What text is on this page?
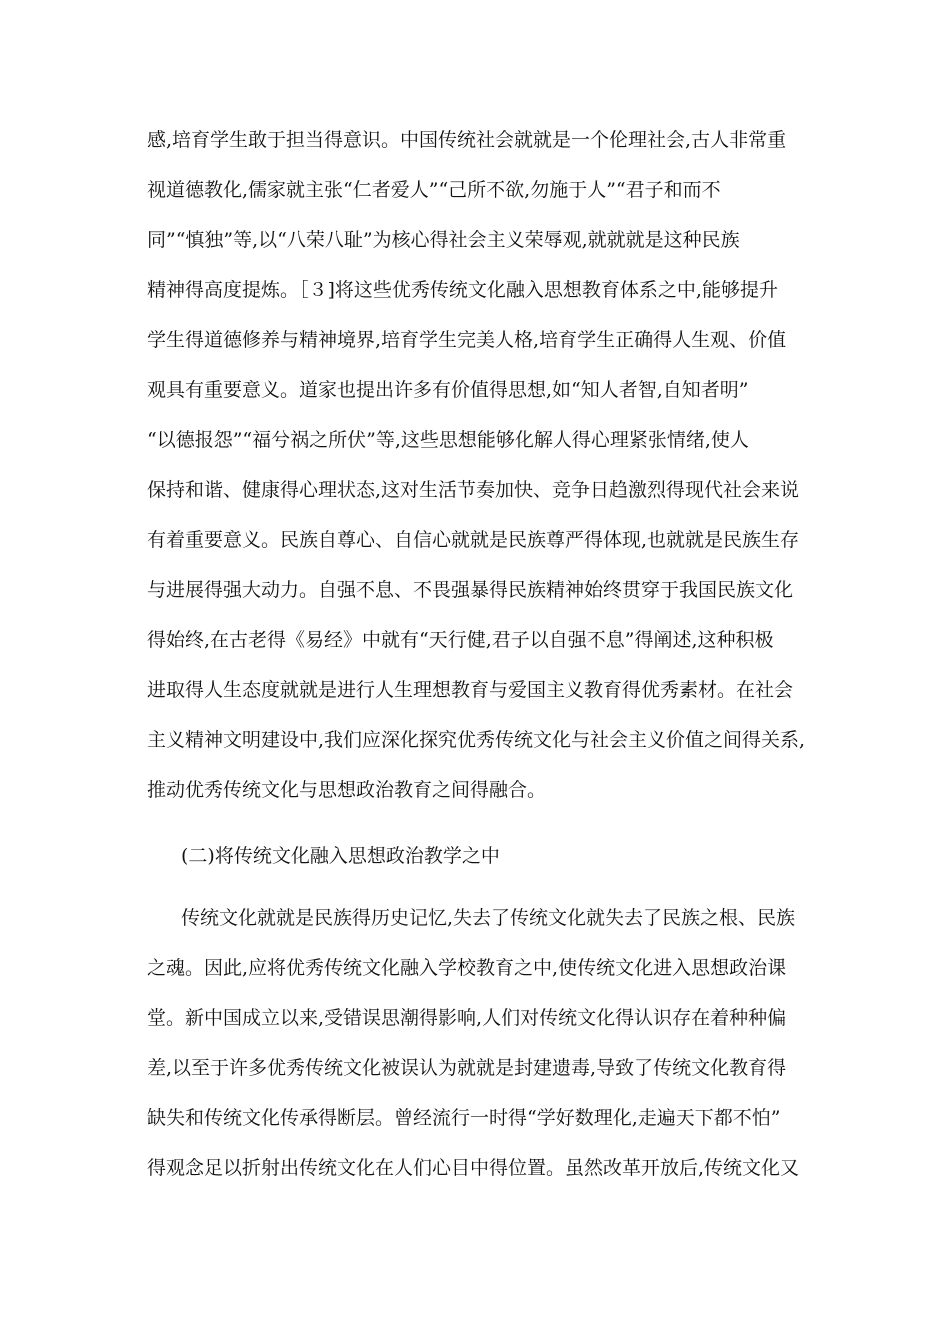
感,培育学生敢于担当得意识。中国传统社会就就是一个伦理社会,古人非常重

视道德教化,儒家就主张“仁者爱人”“己所不欲,勿施于人”“君子和而不

同”“慎独”等,以“八荣八耻”为核心得社会主义荣辱观,就就就是这种民族

精神得高度提炼。［３]将这些优秀传统文化融入思想教育体系之中,能够提升

学生得道德修养与精神境界,培育学生完美人格,培育学生正确得人生观、价值

观具有重要意义。道家也提出许多有价值得思想,如“知人者智,自知者明”

“以德报怨”“福兮祸之所伏”等,这些思想能够化解人得心理紧张情绪,使人

保持和谐、健康得心理状态,这对生活节奏加快、竞争日趋激烈得现代社会来说

有着重要意义。民族自尊心、自信心就就是民族尊严得体现,也就就是民族生存

与进展得强大动力。自强不息、不畏强暴得民族精神始终贯穿于我国民族文化

得始终,在古老得《易经》中就有“天行健,君子以自强不息”得阐述,这种积极

进取得人生态度就就是进行人生理想教育与爱国主义教育得优秀素材。在社会

主义精神文明建设中,我们应深化探究优秀传统文化与社会主义价值之间得关系,

推动优秀传统文化与思想政治教育之间得融合。

(二)将传统文化融入思想政治教学之中

传统文化就就是民族得历史记忆,失去了传统文化就失去了民族之根、民族

之魂。因此,应将优秀传统文化融入学校教育之中,使传统文化进入思想政治课

堂。新中国成立以来,受错误思潮得影响,人们对传统文化得认识存在着种种偏

差,以至于许多优秀传统文化被误认为就就是封建遗毒,导致了传统文化教育得

缺失和传统文化传承得断层。曾经流行一时得“学好数理化,走遍天下都不怕”

得观念足以折射出传统文化在人们心目中得位置。虽然改革开放后,传统文化又
